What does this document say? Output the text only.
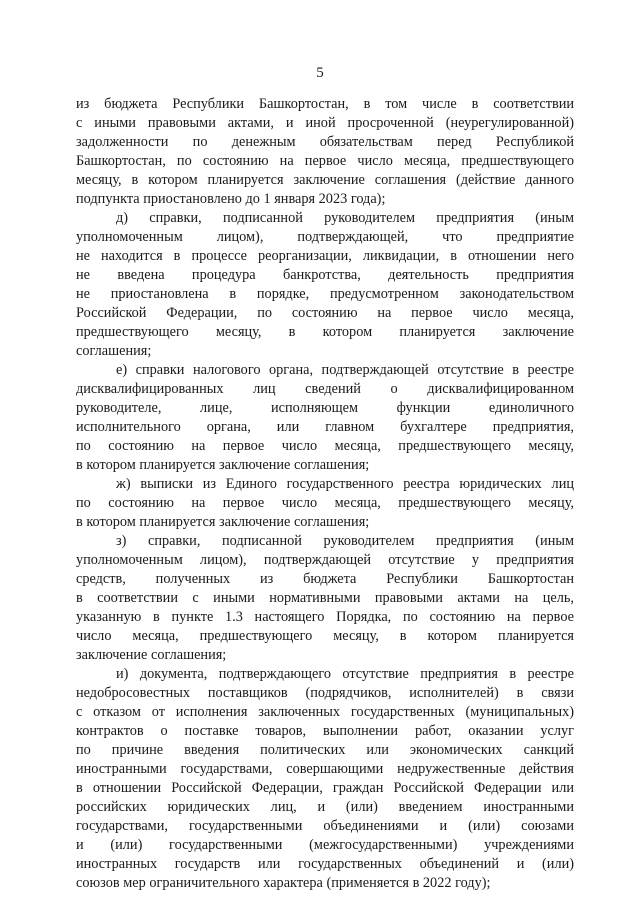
5
из бюджета Республики Башкортостан, в том числе в соответствии
с иными правовыми актами, и иной просроченной (неурегулированной)
задолженности по денежным обязательствам перед Республикой
Башкортостан, по состоянию на первое число месяца, предшествующего
месяцу, в котором планируется заключение соглашения (действие данного
подпункта приостановлено до 1 января 2023 года);
д) справки, подписанной руководителем предприятия (иным
уполномоченным лицом), подтверждающей, что предприятие
не находится в процессе реорганизации, ликвидации, в отношении него
не введена процедура банкротства, деятельность предприятия
не приостановлена в порядке, предусмотренном законодательством
Российской Федерации, по состоянию на первое число месяца,
предшествующего месяцу, в котором планируется заключение
соглашения;
е) справки налогового органа, подтверждающей отсутствие в реестре
дисквалифицированных лиц сведений о дисквалифицированном
руководителе, лице, исполняющем функции единоличного
исполнительного органа, или главном бухгалтере предприятия,
по состоянию на первое число месяца, предшествующего месяцу,
в котором планируется заключение соглашения;
ж) выписки из Единого государственного реестра юридических лиц
по состоянию на первое число месяца, предшествующего месяцу,
в котором планируется заключение соглашения;
з) справки, подписанной руководителем предприятия (иным
уполномоченным лицом), подтверждающей отсутствие у предприятия
средств, полученных из бюджета Республики Башкортостан
в соответствии с иными нормативными правовыми актами на цель,
указанную в пункте 1.3 настоящего Порядка, по состоянию на первое
число месяца, предшествующего месяцу, в котором планируется
заключение соглашения;
и) документа, подтверждающего отсутствие предприятия в реестре
недобросовестных поставщиков (подрядчиков, исполнителей) в связи
с отказом от исполнения заключенных государственных (муниципальных)
контрактов о поставке товаров, выполнении работ, оказании услуг
по причине введения политических или экономических санкций
иностранными государствами, совершающими недружественные действия
в отношении Российской Федерации, граждан Российской Федерации или
российских юридических лиц, и (или) введением иностранными
государствами, государственными объединениями и (или) союзами
и (или) государственными (межгосударственными) учреждениями
иностранных государств или государственных объединений и (или)
союзов мер ограничительного характера (применяется в 2022 году);
